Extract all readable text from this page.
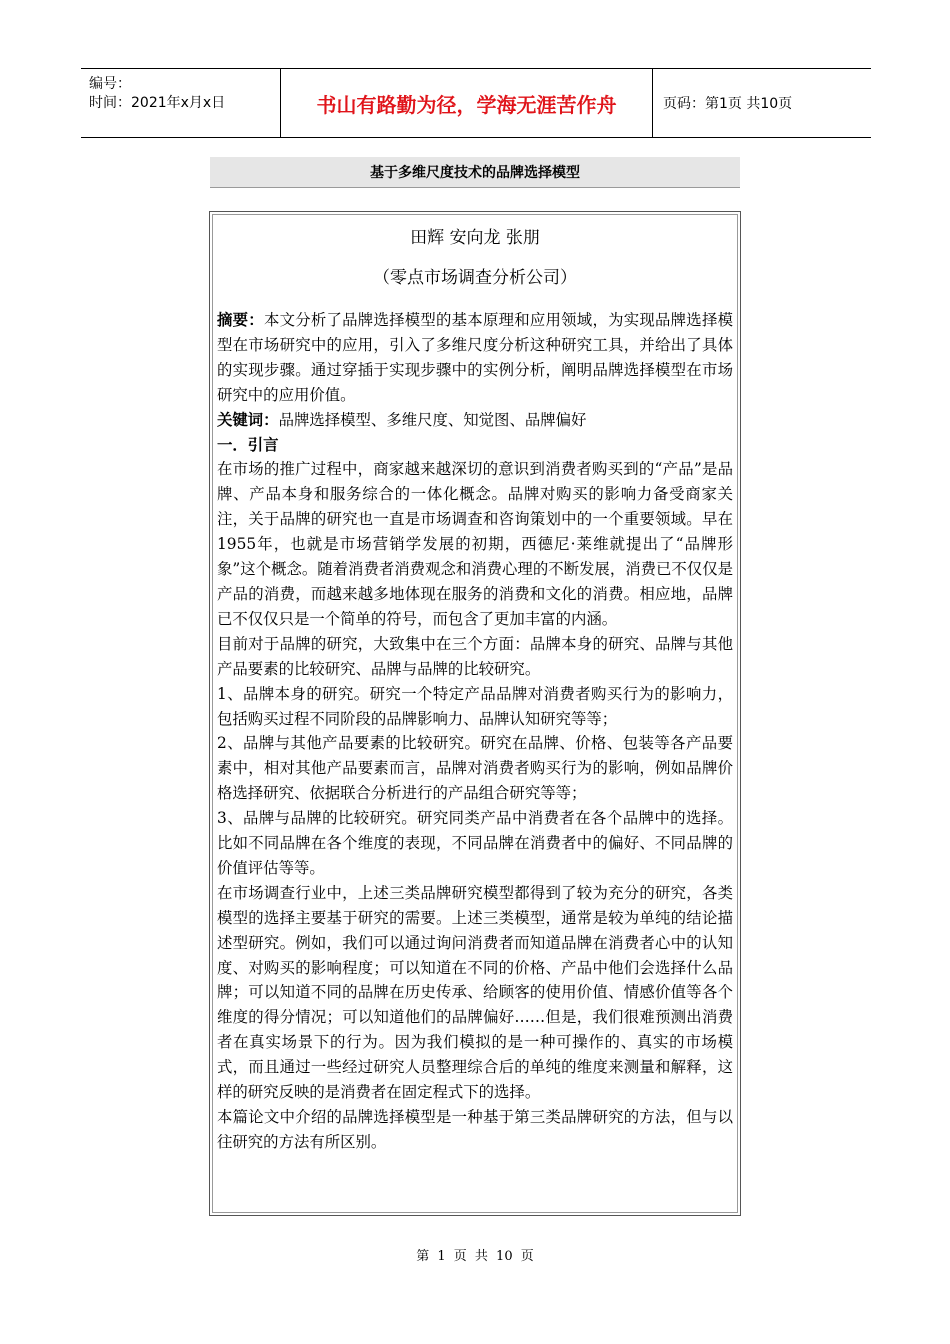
编号：
时间：2021年x月x日	书山有路勤为径，学海无涯苦作舟	页码：第1页 共10页
基于多维尺度技术的品牌选择模型
田辉 安向龙 张朋
（零点市场调查分析公司）

摘要：本文分析了品牌选择模型的基本原理和应用领域，为实现品牌选择模型在市场研究中的应用，引入了多维尺度分析这种研究工具，并给出了具体的实现步骤。通过穿插于实现步骤中的实例分析，阐明品牌选择模型在市场研究中的应用价值。

关键词：品牌选择模型、多维尺度、知觉图、品牌偏好

一．引言

在市场的推广过程中，商家越来越深切的意识到消费者购买到的“产品”是品牌、产品本身和服务综合的一体化概念。品牌对购买的影响力备受商家关注，关于品牌的研究也一直是市场调查和咨询策划中的一个重要领域。早在1955年，也就是市场营销学发展的初期，西德尼·莱维就提出了“品牌形象”这个概念。随着消费者消费观念和消费心理的不断发展，消费已不仅仅是产品的消费，而越来越多地体现在服务的消费和文化的消费。相应地，品牌已不仅仅只是一个简单的符号，而包含了更加丰富的内涵。

目前对于品牌的研究，大致集中在三个方面：品牌本身的研究、品牌与其他产品要素的比较研究、品牌与品牌的比较研究。

1、品牌本身的研究。研究一个特定产品品牌对消费者购买行为的影响力，包括购买过程不同阶段的品牌影响力、品牌认知研究等等；

2、品牌与其他产品要素的比较研究。研究在品牌、价格、包装等各产品要素中，相对其他产品要素而言，品牌对消费者购买行为的影响，例如品牌价格选择研究、依据联合分析进行的产品组合研究等等；

3、品牌与品牌的比较研究。研究同类产品中消费者在各个品牌中的选择。比如不同品牌在各个维度的表现，不同品牌在消费者中的偏好、不同品牌的价值评估等等。

在市场调查行业中，上述三类品牌研究模型都得到了较为充分的研究，各类模型的选择主要基于研究的需要。上述三类模型，通常是较为单纯的结论描述型研究。例如，我们可以通过询问消费者而知道品牌在消费者心中的认知度、对购买的影响程度；可以知道在不同的价格、产品中他们会选择什么品牌；可以知道不同的品牌在历史传承、给顾客的使用价值、情感价值等各个维度的得分情况；可以知道他们的品牌偏好……但是，我们很难预测出消费者在真实场景下的行为。因为我们模拟的是一种可操作的、真实的市场模式，而且通过一些经过研究人员整理综合后的单纯的维度来测量和解释，这样的研究反映的是消费者在固定程式下的选择。

本篇论文中介绍的品牌选择模型是一种基于第三类品牌研究的方法，但与以往研究的方法有所区别。

第 1 页 共 10 页
